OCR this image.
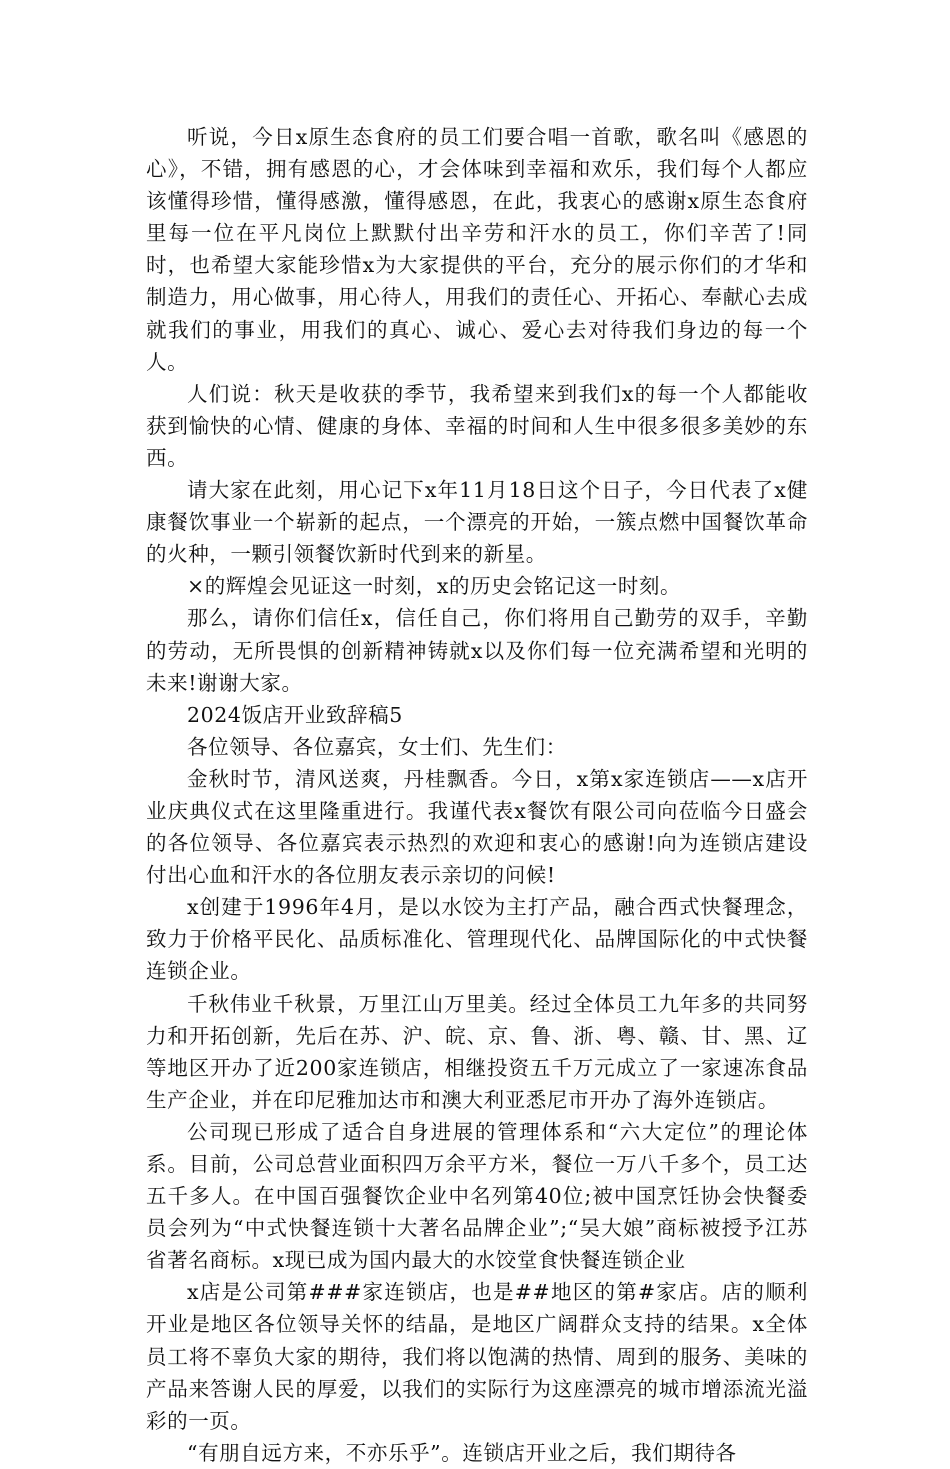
听说，今日x原生态食府的员工们要合唱一首歌，歌名叫《感恩的心》，不错，拥有感恩的心，才会体味到幸福和欢乐，我们每个人都应该懂得珍惜，懂得感激，懂得感恩，在此，我衷心的感谢x原生态食府里每一位在平凡岗位上默默付出辛劳和汗水的员工，你们辛苦了!同时，也希望大家能珍惜x为大家提供的平台，充分的展示你们的才华和制造力，用心做事，用心待人，用我们的责任心、开拓心、奉献心去成就我们的事业，用我们的真心、诚心、爱心去对待我们身边的每一个人。

人们说：秋天是收获的季节，我希望来到我们x的每一个人都能收获到愉快的心情、健康的身体、幸福的时间和人生中很多很多美妙的东西。

请大家在此刻，用心记下x年11月18日这个日子，今日代表了x健康餐饮事业一个崭新的起点，一个漂亮的开始，一簇点燃中国餐饮革命的火种，一颗引领餐饮新时代到来的新星。

×的辉煌会见证这一时刻，x的历史会铭记这一时刻。

那么，请你们信任x，信任自己，你们将用自己勤劳的双手，辛勤的劳动，无所畏惧的创新精神铸就x以及你们每一位充满希望和光明的未来!谢谢大家。

2024饭店开业致辞稿5

各位领导、各位嘉宾，女士们、先生们：

金秋时节，清风送爽，丹桂飘香。今日，x第x家连锁店——x店开业庆典仪式在这里隆重进行。我谨代表x餐饮有限公司向莅临今日盛会的各位领导、各位嘉宾表示热烈的欢迎和衷心的感谢!向为连锁店建设付出心血和汗水的各位朋友表示亲切的问候!

x创建于1996年4月，是以水饺为主打产品，融合西式快餐理念，致力于价格平民化、品质标准化、管理现代化、品牌国际化的中式快餐连锁企业。

千秋伟业千秋景，万里江山万里美。经过全体员工九年多的共同努力和开拓创新，先后在苏、沪、皖、京、鲁、浙、粤、赣、甘、黑、辽等地区开办了近200家连锁店，相继投资五千万元成立了一家速冻食品生产企业，并在印尼雅加达市和澳大利亚悉尼市开办了海外连锁店。

公司现已形成了适合自身进展的管理体系和“六大定位”的理论体系。目前，公司总营业面积四万余平方米，餐位一万八千多个，员工达五千多人。在中国百强餐饮企业中名列第40位;被中国烹饪协会快餐委员会列为“中式快餐连锁十大著名品牌企业”;“吴大娘”商标被授予江苏省著名商标。x现已成为国内最大的水饺堂食快餐连锁企业

x店是公司第###家连锁店，也是##地区的第#家店。店的顺利开业是地区各位领导关怀的结晶，是地区广阔群众支持的结果。x全体员工将不辜负大家的期待，我们将以饱满的热情、周到的服务、美味的产品来答谢人民的厚爱，以我们的实际行为这座漂亮的城市增添流光溢彩的一页。

“有朋自远方来，不亦乐乎”。连锁店开业之后，我们期待各
